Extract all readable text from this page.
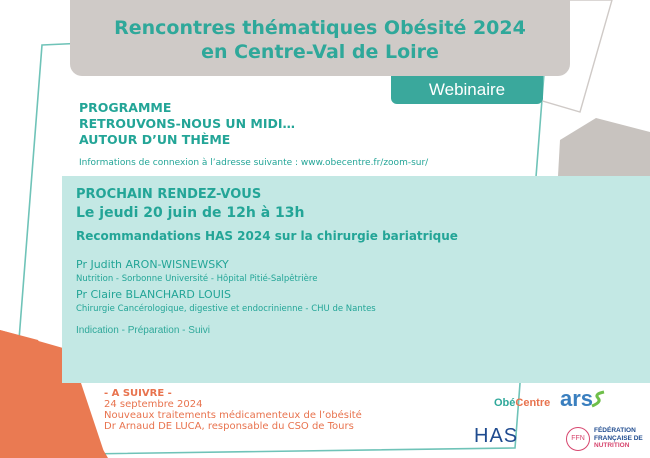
Rencontres thématiques Obésité 2024
en Centre-Val de Loire
Webinaire
PROGRAMME
RETROUVONS-NOUS UN MIDI…
AUTOUR D’UN THÈME
Informations de connexion à l’adresse suivante : www.obecentre.fr/zoom-sur/
PROCHAIN RENDEZ-VOUS
Le jeudi 20 juin de 12h à 13h
Recommandations HAS 2024 sur la chirurgie bariatrique
Pr Judith ARON-WISNEWSKY
Nutrition - Sorbonne Université - Hôpital Pitié-Salpêtrière
Pr Claire BLANCHARD LOUIS
Chirurgie Cancérologique, digestive et endocrinienne - CHU de Nantes
Indication - Préparation - Suivi
- A SUIVRE -
24 septembre 2024
Nouveaux traitements médicamenteux de l’obésité
Dr Arnaud DE LUCA, responsable du CSO de Tours
ObéCentre ars
HAS	FFN
FÉDÉRATION
FRANÇAISE DE
NUTRITION
